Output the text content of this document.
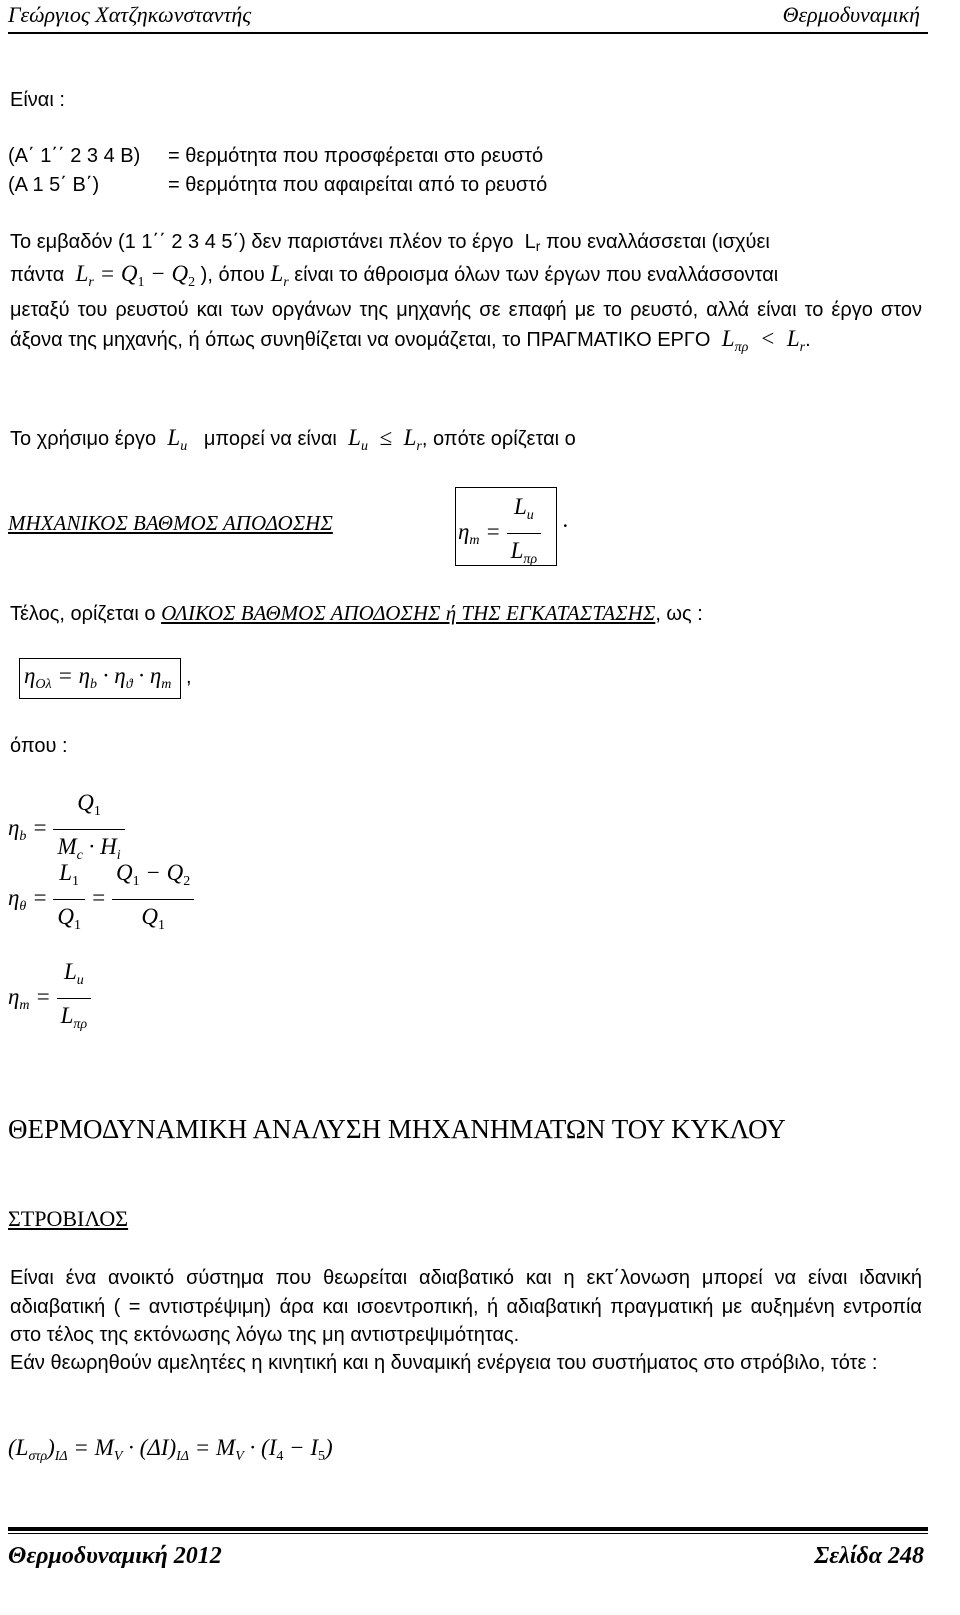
Γεώργιος Χατζηκωνσταντής	Θερμοδυναμική
Είναι :
(Α΄ 1΄΄ 2 3 4 Β) = θερμότητα που προσφέρεται στο ρευστό
(Α 1 5΄ Β΄)	= θερμότητα που αφαιρείται από το ρευστό
Το εμβαδόν (1 1΄΄ 2 3 4 5΄) δεν παριστάνει πλέον το έργο Lr που εναλλάσσεται (ισχύει
πάντα  $L_r = Q_1 - Q_2$ ), όπου $L_r$ είναι το άθροισμα όλων των έργων που εναλλάσσονται
μεταξύ του ρευστού και των οργάνων της μηχανής σε επαφή με το ρευστό, αλλά είναι το έργο στον άξονα της μηχανής, ή όπως συνηθίζεται να ονομάζεται, το ΠΡΑΓΜΑΤΙΚΟ ΕΡΓΟ  $L_{\pi\rho} < L_r$.
Το χρήσιμο έργο  $L_u$ μπορεί να είναι  $L_u \le L_r$, οπότε ορίζεται ο
ΜΗΧΑΝΙΚΟΣ ΒΑΘΜΟΣ ΑΠΟΔΟΣΗΣ	$\eta_m = \frac{L_u}{L_{\pi\rho}}$ .
Τέλος, ορίζεται ο ΟΛΙΚΟΣ ΒΑΘΜΟΣ ΑΠΟΔΟΣΗΣ ή ΤΗΣ ΕΓΚΑΤΑΣΤΑΣΗΣ, ως :
$\eta_{O\lambda} = \eta_b \cdot \eta_ϑ \cdot \eta_m$ ,
όπου :
$\eta_b = \frac{Q_1}{M_c \cdot H_i}$
$\eta_\theta = \frac{L_1}{Q_1} = \frac{Q_1 - Q_2}{Q_1}$
$\eta_m = \frac{L_u}{L_{\pi\rho}}$
ΘΕΡΜΟΔΥΝΑΜΙΚΗ ΑΝΑΛΥΣΗ ΜΗΧΑΝΗΜΑΤΩΝ ΤΟΥ ΚΥΚΛΟΥ
ΣΤΡΟΒΙΛΟΣ
Είναι ένα ανοικτό σύστημα που θεωρείται αδιαβατικό και η εκτ΄λονωση μπορεί να είναι ιδανική αδιαβατική ( = αντιστρέψιμη) άρα και ισοεντροπική, ή αδιαβατική πραγματική με αυξημένη εντροπία στο τέλος της εκτόνωσης λόγω της μη αντιστρεψιμότητας.
Εάν θεωρηθούν αμελητέες η κινητική και η δυναμική ενέργεια του συστήματος στο στρόβιλο, τότε :
$(L_{\sigma\tau\rho})_{I\Delta} = M_V \cdot (\Delta I)_{I\Delta} = M_V \cdot (I_4 - I_5)$
Θερμοδυναμική 2012	Σελίδα 248
